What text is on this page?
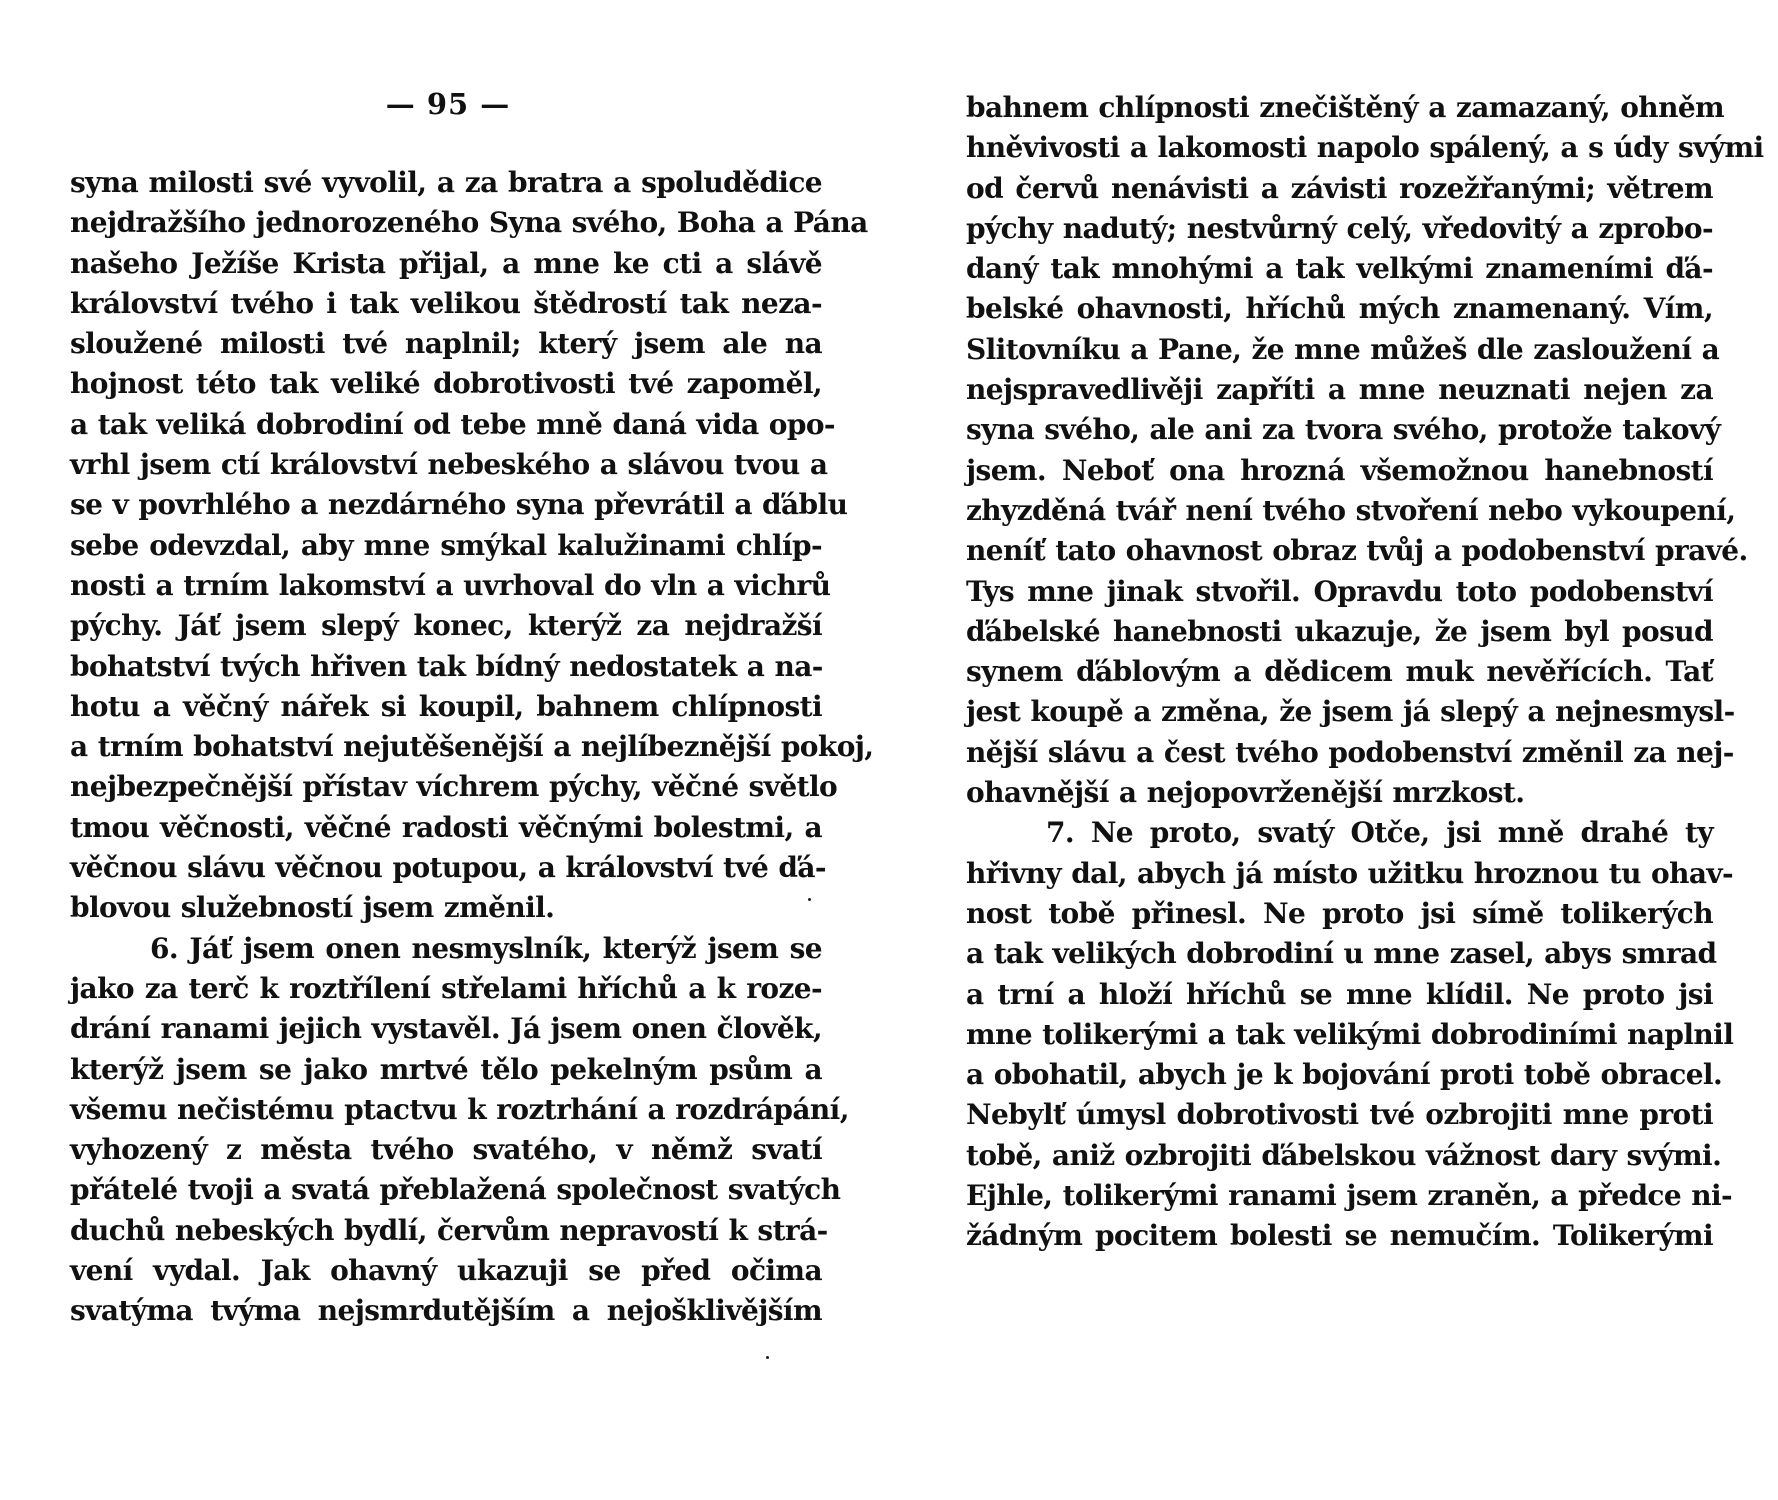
— 95 —
syna milosti své vyvolil, a za bratra a spoludědice
nejdražšího jednorozeného Syna svého, Boha a Pána
našeho Ježíše Krista přijal, a mne ke cti a slávě
království tvého i tak velikou štědrostí tak neza-
sloužené milosti tvé naplnil; který jsem ale na
hojnost této tak veliké dobrotivosti tvé zapoměl,
a tak veliká dobrodiní od tebe mně daná vida opo-
vrhl jsem ctí království nebeského a slávou tvou a
se v povrhlého a nezdárného syna převrátil a ďáblu
sebe odevzdal, aby mne smýkal kalužinami chlíp-
nosti a trním lakomství a uvrhoval do vln a vichrů
pýchy. Jáť jsem slepý konec, kterýž za nejdražší
bohatství tvých hřiven tak bídný nedostatek a na-
hotu a věčný nářek si koupil, bahnem chlípnosti
a trním bohatství nejutěšenější a nejlíbeznější pokoj,
nejbezpečnější přístav víchrem pýchy, věčné světlo
tmou věčnosti, věčné radosti věčnými bolestmi, a
věčnou slávu věčnou potupou, a království tvé ďá-
blovou služebností jsem změnil.
6. Jáť jsem onen nesmyslník, kterýž jsem se
jako za terč k roztřílení střelami hříchů a k roze-
drání ranami jejich vystavěl. Já jsem onen člověk,
kterýž jsem se jako mrtvé tělo pekelným psům a
všemu nečistému ptactvu k roztrhání a rozdrápání,
vyhozený z města tvého svatého, v němž svatí
přátelé tvoji a svatá přeblažená společnost svatých
duchů nebeských bydlí, červům nepravostí k strá-
vení vydal. Jak ohavný ukazuji se před očima
svatýma tvýma nejsmrdutějším a nejošklivějším
bahnem chlípnosti znečištěný a zamazaný, ohněm
hněvivosti a lakomosti napolo spálený, a s údy svými
od červů nenávisti a závisti rozežřanými; větrem
pýchy nadutý; nestvůrný celý, vředovitý a zprobo-
daný tak mnohými a tak velkými znameními ďá-
belské ohavnosti, hříchů mých znamenaný. Vím,
Slitovníku a Pane, že mne můžeš dle zasloužení a
nejspravedlivěji zapříti a mne neuznati nejen za
syna svého, ale ani za tvora svého, protože takový
jsem. Neboť ona hrozná všemožnou hanebností
zhyzděná tvář není tvého stvoření nebo vykoupení,
neníť tato ohavnost obraz tvůj a podobenství pravé.
Tys mne jinak stvořil. Opravdu toto podobenství
ďábelské hanebnosti ukazuje, že jsem byl posud
synem ďáblovým a dědicem muk nevěřících. Tať
jest koupě a změna, že jsem já slepý a nejnesmysl-
nější slávu a čest tvého podobenství změnil za nej-
ohavnější a nejopovrženější mrzkost.
7. Ne proto, svatý Otče, jsi mně drahé ty
hřivny dal, abych já místo užitku hroznou tu ohav-
nost tobě přinesl. Ne proto jsi símě tolikerých
a tak velikých dobrodiní u mne zasel, abys smrad
a trní a hloží hříchů se mne klídil. Ne proto jsi
mne tolikerými a tak velikými dobrodiními naplnil
a obohatil, abych je k bojování proti tobě obracel.
Nebylť úmysl dobrotivosti tvé ozbrojiti mne proti
tobě, aniž ozbrojiti ďábelskou vážnost dary svými.
Ejhle, tolikerými ranami jsem zraněn, a předce ni-
žádným pocitem bolesti se nemučím. Tolikerými
